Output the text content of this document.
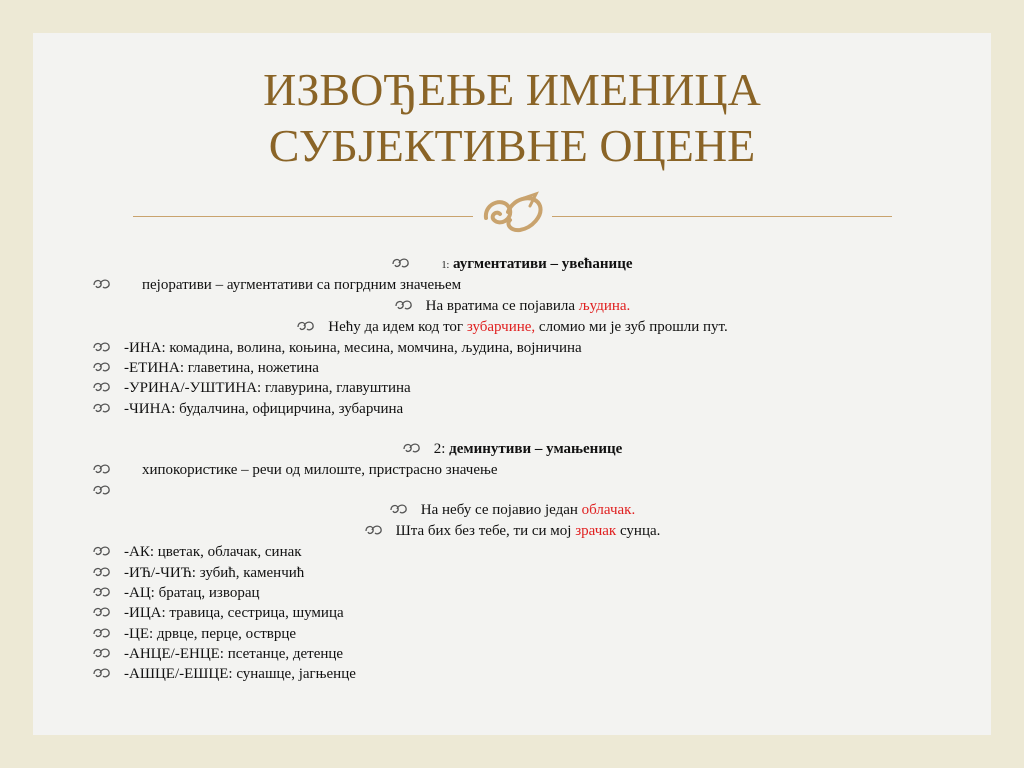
ИЗВОЂЕЊЕ ИМЕНИЦА
СУБЈЕКТИВНЕ ОЦЕНЕ
1: аугментативи – увећанице
пејоративи – аугментативи са погрдним значењем
На вратима се појавила људина.
Нећу да идем код тог зубарчине, сломио ми је зуб прошли пут.
-ИНА: комадина, волина, коњина, месина, момчина, људина, војничина
-ЕТИНА: главетина, ножетина
-УРИНА/-УШТИНА: главурина, главуштина
-ЧИНА: будалчина, официрчина, зубарчина
2: деминутиви – умањенице
хипокористике – речи од милоште, пристрасно значење
На небу се појавио један облачак.
Шта бих без тебе, ти си мој зрачак сунца.
-АК: цветак, облачак, синак
-ИЋ/-ЧИЋ: зубић, каменчић
-АЦ: братац, изворац
-ИЦА: травица, сестрица, шумица
-ЦЕ: дрвце, перце, оствpце
-АНЦЕ/-ЕНЦЕ: псетанце, детенце
-АШЦЕ/-ЕШЦЕ: сунашце, јагњенце
